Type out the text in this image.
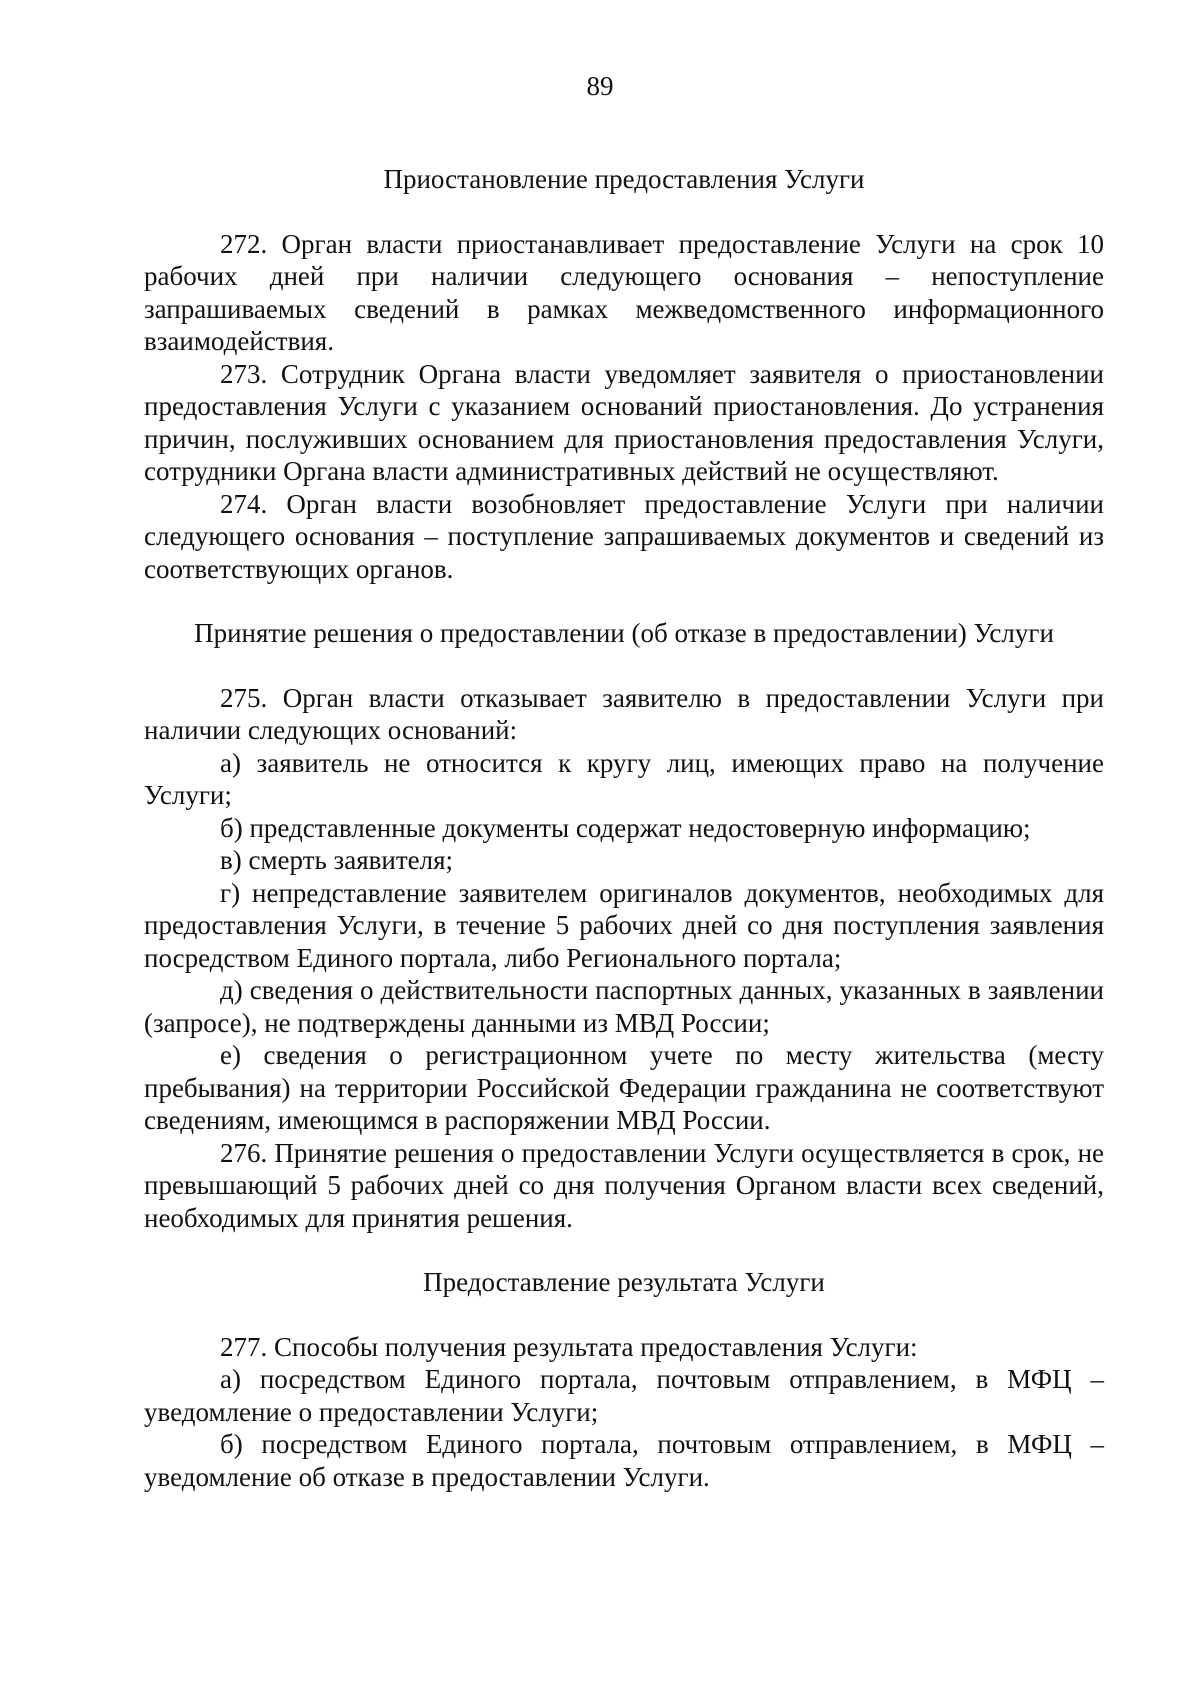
89

Приостановление предоставления Услуги

272. Орган власти приостанавливает предоставление Услуги на срок 10 рабочих дней при наличии следующего основания – непоступление запрашиваемых сведений в рамках межведомственного информационного взаимодействия.

273. Сотрудник Органа власти уведомляет заявителя о приостановлении предоставления Услуги с указанием оснований приостановления. До устранения причин, послуживших основанием для приостановления предоставления Услуги, сотрудники Органа власти административных действий не осуществляют.

274. Орган власти возобновляет предоставление Услуги при наличии следующего основания – поступление запрашиваемых документов и сведений из соответствующих органов.

Принятие решения о предоставлении (об отказе в предоставлении) Услуги

275. Орган власти отказывает заявителю в предоставлении Услуги при наличии следующих оснований:

а) заявитель не относится к кругу лиц, имеющих право на получение Услуги;

б) представленные документы содержат недостоверную информацию;

в) смерть заявителя;

г) непредставление заявителем оригиналов документов, необходимых для предоставления Услуги, в течение 5 рабочих дней со дня поступления заявления посредством Единого портала, либо Регионального портала;

д) сведения о действительности паспортных данных, указанных в заявлении (запросе), не подтверждены данными из МВД России;

е) сведения о регистрационном учете по месту жительства (месту пребывания) на территории Российской Федерации гражданина не соответствуют сведениям, имеющимся в распоряжении МВД России.

276. Принятие решения о предоставлении Услуги осуществляется в срок, не превышающий 5 рабочих дней со дня получения Органом власти всех сведений, необходимых для принятия решения.

Предоставление результата Услуги

277. Способы получения результата предоставления Услуги:

а) посредством Единого портала, почтовым отправлением, в МФЦ – уведомление о предоставлении Услуги;

б) посредством Единого портала, почтовым отправлением, в МФЦ – уведомление об отказе в предоставлении Услуги.
